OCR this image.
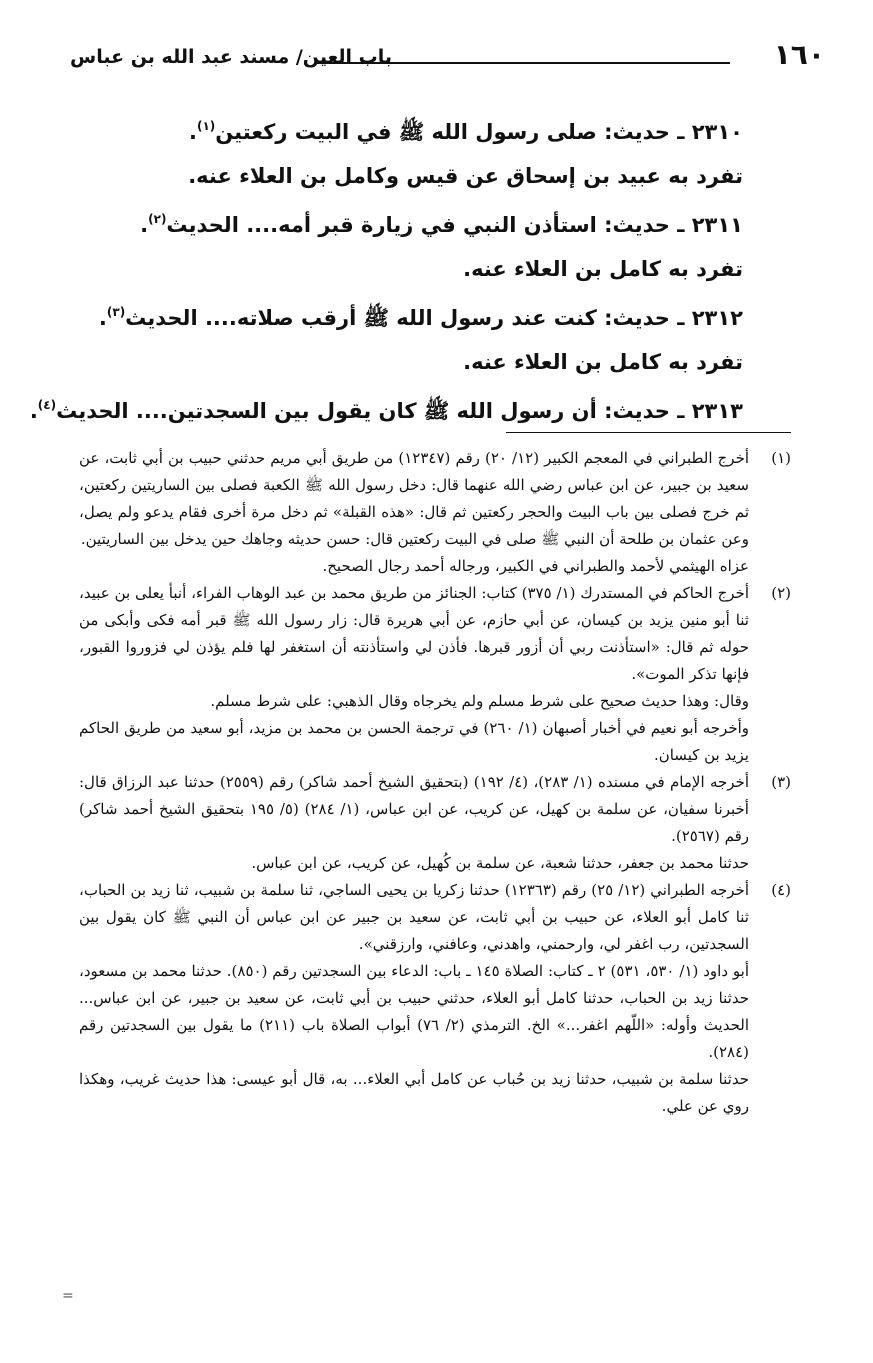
١٦٠
باب العين/ مسند عبد الله بن عباس
٢٣١٠ ـ حديث: صلى رسول الله ﷺ في البيت ركعتين$^{(١)}$.
تفرد به عبيد بن إسحاق عن قيس وكامل بن العلاء عنه.
٢٣١١ ـ حديث: استأذن النبي في زيارة قبر أمه.... الحديث$^{(٢)}$.
تفرد به كامل بن العلاء عنه.
٢٣١٢ ـ حديث: كنت عند رسول الله ﷺ أرقب صلاته.... الحديث$^{(٣)}$.
تفرد به كامل بن العلاء عنه.
٢٣١٣ ـ حديث: أن رسول الله ﷺ كان يقول بين السجدتين.... الحديث$^{(٤)}$.
(١)

أخرج الطبراني في المعجم الكبير (١٢/ ٢٠) رقم (١٢٣٤٧) من طريق أبي مريم حدثني حبيب بن أبي ثابت، عن سعيد بن جبير، عن ابن عباس رضي الله عنهما قال: دخل رسول الله ﷺ الكعبة فصلى بين الساريتين ركعتين، ثم خرج فصلى بين باب البيت والحجر ركعتين ثم قال: «هذه القبلة» ثم دخل مرة أخرى فقام يدعو ولم يصل، وعن عثمان بن طلحة أن النبي ﷺ صلى في البيت ركعتين قال: حسن حديثه وجاهك حين يدخل بين الساريتين.

عزاه الهيثمي لأحمد والطبراني في الكبير، ورجاله أحمد رجال الصحيح.

(٢)

أخرج الحاكم في المستدرك (١/ ٣٧٥) كتاب: الجنائز من طريق محمد بن عبد الوهاب الفراء، أنبأ يعلى بن عبيد، ثنا أبو منين يزيد بن كيسان، عن أبي حازم، عن أبي هريرة قال: زار رسول الله ﷺ قبر أمه فكى وأبكى من حوله ثم قال: «استأذنت ربي أن أزور قبرها. فأذن لي واستأذنته أن استغفر لها فلم يؤذن لي فزوروا القبور، فإنها تذكر الموت».

وقال: وهذا حديث صحيح على شرط مسلم ولم يخرجاه وقال الذهبي: على شرط مسلم.

وأخرجه أبو نعيم في أخبار أصبهان (١/ ٢٦٠) في ترجمة الحسن بن محمد بن مزيد، أبو سعيد من طريق الحاكم يزيد بن كيسان.

(٣)

أخرجه الإمام في مسنده (١/ ٢٨٣)، (٤/ ١٩٢) (بتحقيق الشيخ أحمد شاكر) رقم (٢٥٥٩) حدثنا عبد الرزاق قال: أخبرنا سفيان، عن سلمة بن كهيل، عن كريب، عن ابن عباس، (١/ ٢٨٤) (٥/ ١٩٥ بتحقيق الشيخ أحمد شاكر) رقم (٢٥٦٧).

حدثنا محمد بن جعفر، حدثنا شعبة، عن سلمة بن كُهيل، عن كريب، عن ابن عباس.

(٤)

أخرجه الطبراني (١٢/ ٢٥) رقم (١٢٣٦٣) حدثنا زكريا بن يحيى الساجي، ثنا سلمة بن شبيب، ثنا زيد بن الحباب، ثنا كامل أبو العلاء، عن حبيب بن أبي ثابت، عن سعيد بن جبير عن ابن عباس أن النبي ﷺ كان يقول بين السجدتين، رب اغفر لي، وارحمني، واهدني، وعافني، وارزقني».

أبو داود (١/ ٥٣٠، ٥٣١) ٢ ـ كتاب: الصلاة ١٤٥ ـ باب: الدعاء بين السجدتين رقم (٨٥٠). حدثنا محمد بن مسعود، حدثنا زيد بن الحباب، حدثنا كامل أبو العلاء، حدثني حبيب بن أبي ثابت، عن سعيد بن جبير، عن ابن عباس... الحديث وأوله: «اللّهم اغفر...» الخ. الترمذي (٢/ ٧٦) أبواب الصلاة باب (٢١١) ما يقول بين السجدتين رقم (٢٨٤).

حدثنا سلمة بن شبيب، حدثنا زيد بن حُباب عن كامل أبي العلاء... به، قال أبو عيسى: هذا حديث غريب، وهكذا روي عن علي.

=
